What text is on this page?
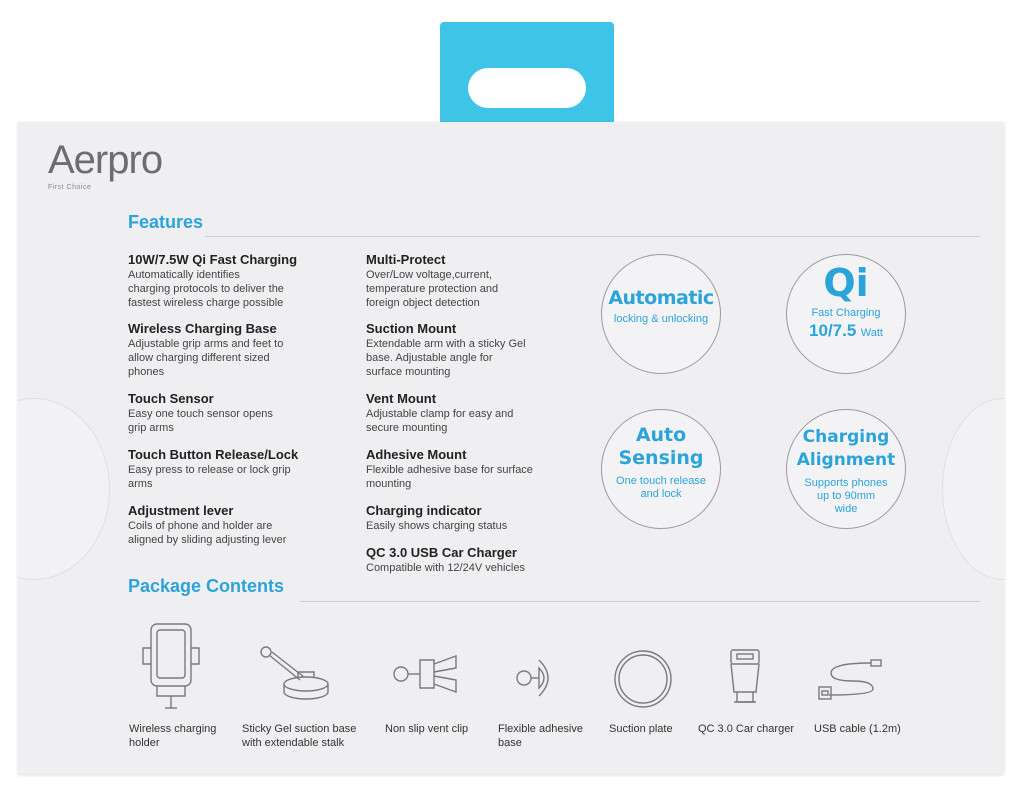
Aerpro
First Choice
Features
10W/7.5W Qi Fast Charging
Automatically identifies
charging protocols to deliver the
fastest wireless charge possible
Wireless Charging Base
Adjustable grip arms and feet to
allow charging different sized
phones
Touch Sensor
Easy one touch sensor opens
grip arms
Touch Button Release/Lock
Easy press to release or lock grip
arms
Adjustment lever
Coils of phone and holder are
aligned by sliding adjusting lever
Multi-Protect
Over/Low voltage,current,
temperature protection and
foreign object detection
Suction Mount
Extendable arm with a sticky Gel
base. Adjustable angle for
surface mounting
Vent Mount
Adjustable clamp for easy and
secure mounting
Adhesive Mount
Flexible adhesive base for surface
mounting
Charging indicator
Easily shows charging status
QC 3.0 USB Car Charger
Compatible with 12/24V vehicles
Automatic
locking & unlocking
Qi
Fast Charging
10/7.5 Watt
Auto
Sensing
One touch release
and lock
Charging
Alignment
Supports phones
up to 90mm
wide
Package Contents
Wireless charging
holder
Sticky Gel suction base
with extendable stalk
Non slip vent clip	Flexible adhesive
base
Suction plate	QC 3.0 Car charger	USB cable (1.2m)
